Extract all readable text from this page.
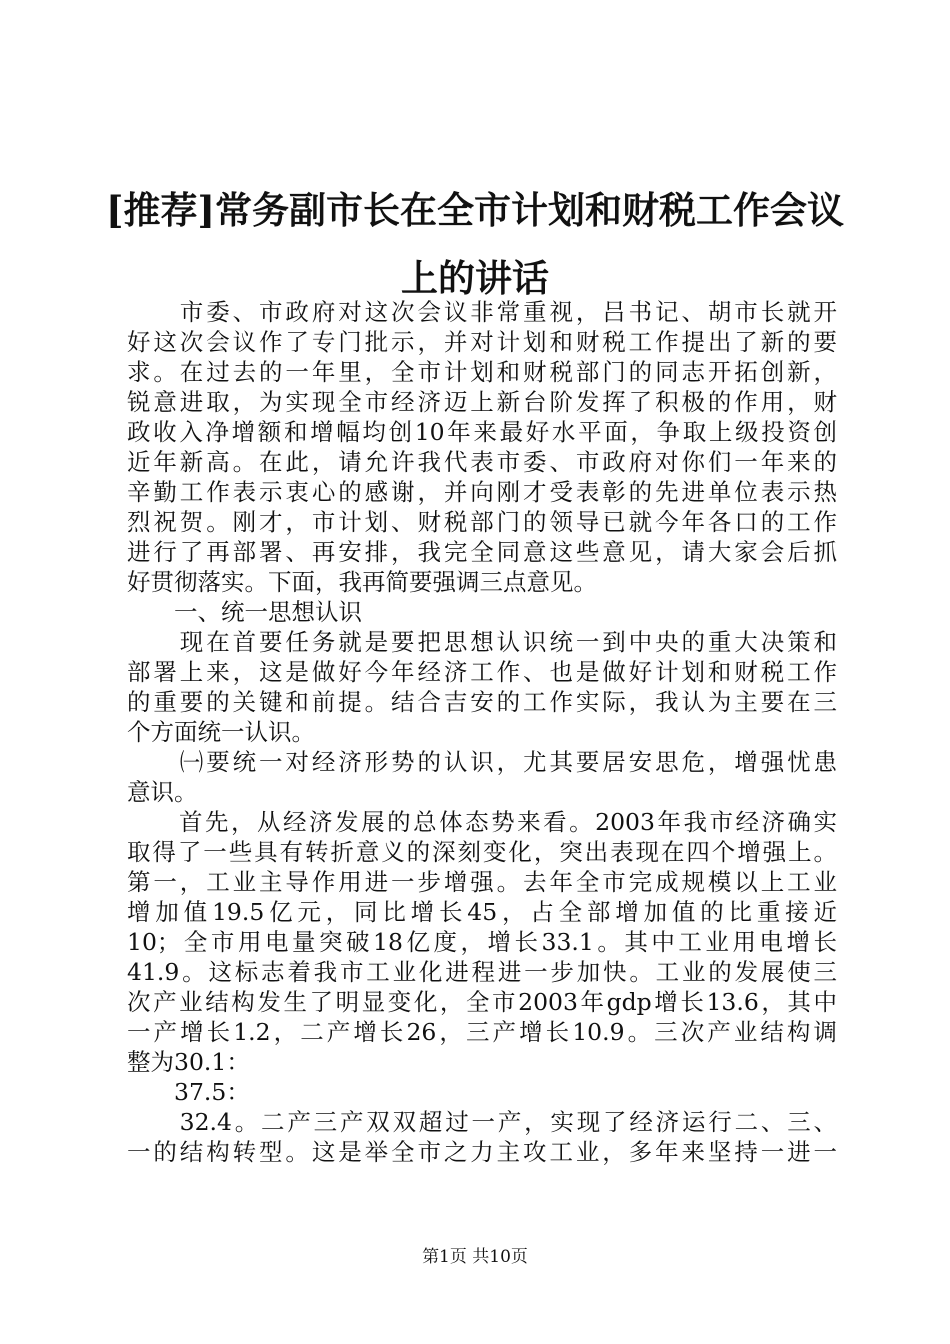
[推荐]常务副市长在全市计划和财税工作会议
上的讲话
　　市委、市政府对这次会议非常重视，吕书记、胡市长就开
好这次会议作了专门批示，并对计划和财税工作提出了新的要
求。在过去的一年里，全市计划和财税部门的同志开拓创新，
锐意进取，为实现全市经济迈上新台阶发挥了积极的作用，财
政收入净增额和增幅均创10年来最好水平面，争取上级投资创
近年新高。在此，请允许我代表市委、市政府对你们一年来的
辛勤工作表示衷心的感谢，并向刚才受表彰的先进单位表示热
烈祝贺。刚才，市计划、财税部门的领导已就今年各口的工作
进行了再部署、再安排，我完全同意这些意见，请大家会后抓
好贯彻落实。下面，我再简要强调三点意见。
　　一、统一思想认识
　　现在首要任务就是要把思想认识统一到中央的重大决策和
部署上来，这是做好今年经济工作、也是做好计划和财税工作
的重要的关键和前提。结合吉安的工作实际，我认为主要在三
个方面统一认识。
　　㈠要统一对经济形势的认识，尤其要居安思危，增强忧患
意识。
　　首先，从经济发展的总体态势来看。2003年我市经济确实
取得了一些具有转折意义的深刻变化，突出表现在四个增强上。
第一，工业主导作用进一步增强。去年全市完成规模以上工业
增加值19.5亿元，同比增长45，占全部增加值的比重接近
10；全市用电量突破18亿度，增长33.1。其中工业用电增长
41.9。这标志着我市工业化进程进一步加快。工业的发展使三
次产业结构发生了明显变化，全市2003年gdp增长13.6，其中
一产增长1.2，二产增长26，三产增长10.9。三次产业结构调
整为30.1：
　　37.5：
　　32.4。二产三产双双超过一产，实现了经济运行二、三、
一的结构转型。这是举全市之力主攻工业，多年来坚持一进一
第1页 共10页
